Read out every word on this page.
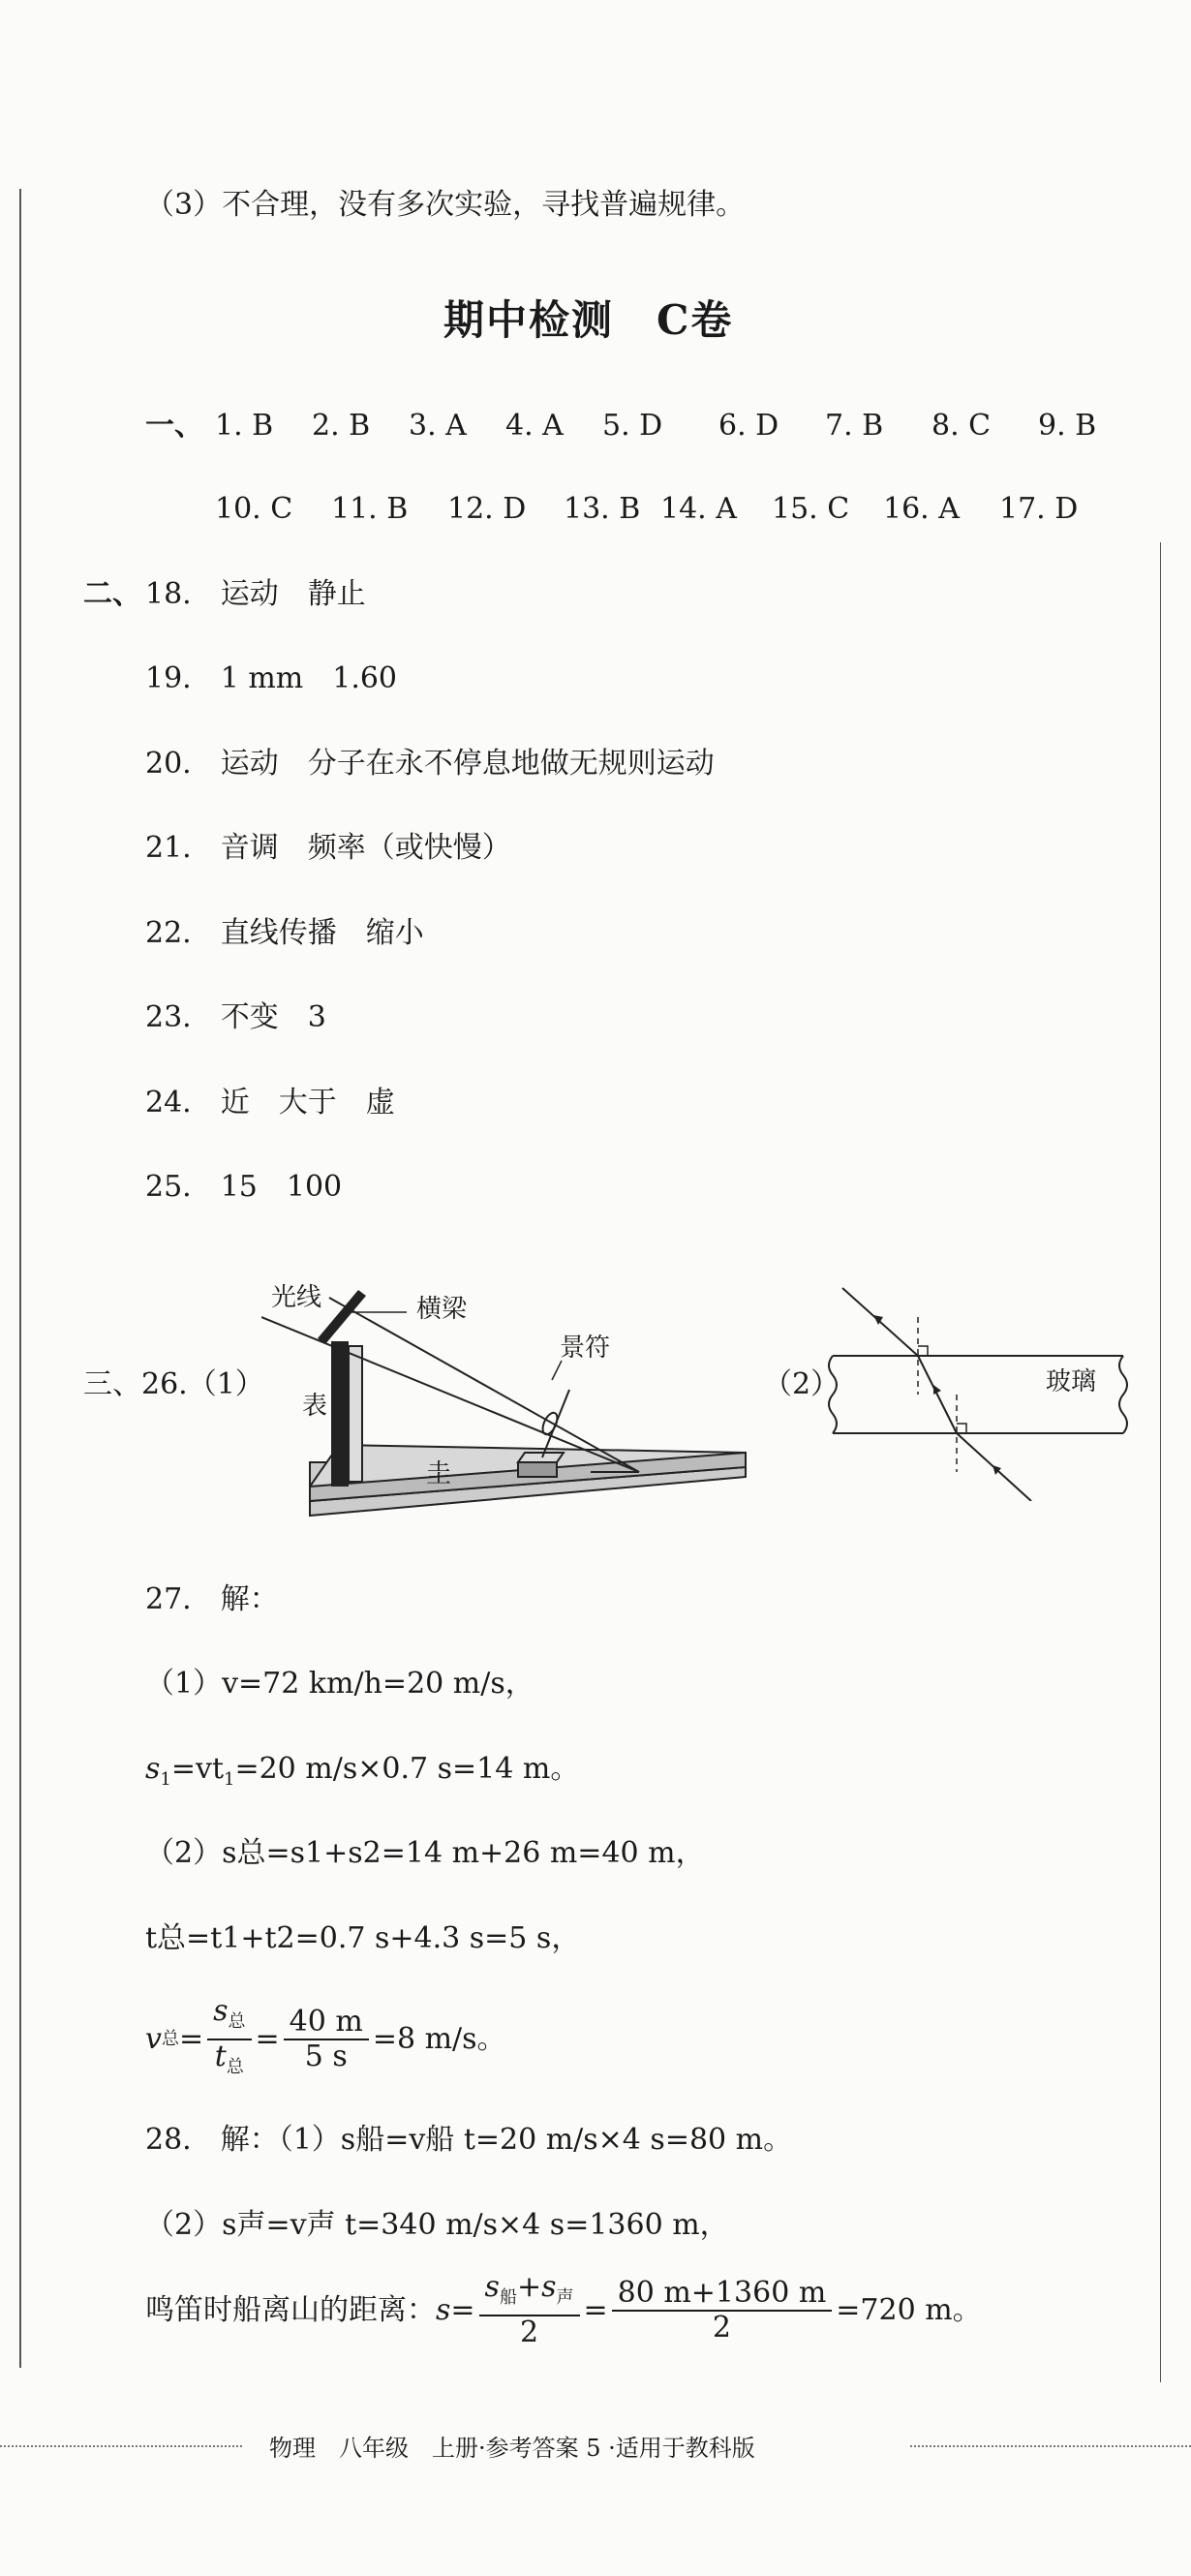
（3）不合理，没有多次实验，寻找普遍规律。
期中检测　C卷
一、 1. B 2. B 3. A 4. A 5. D 6. D 7. B 8. C 9. B
10. C 11. B 12. D 13. B 14. A 15. C 16. A 17. D
二、 18.　运动　静止
19.　1 mm　1.60
20.　运动　分子在永不停息地做无规则运动
21.　音调　频率（或快慢）
22.　直线传播　缩小
23.　不变　3
24.　近　大于　虚
25.　15　100
三、26.（1）
光线	横梁
景符
表
圭
（2）	玻璃
27.　解：
（1）v=72 km/h=20 m/s，
$s_1=vt_1=20$ m/s×0.7 s=14 m。
（2）s总=s1+s2=14 m+26 m=40 m，
t总=t1+t2=0.7 s+4.3 s=5 s，
v 总 = $\frac{s_总}{t_总} = \frac{40 m}{5 s} =8$ m/s。
28.　解：（1）s船=v船 t=20 m/s×4 s=80 m。
（2）s声=v声 t=340 m/s×4 s=1360 m，
鸣笛时船离山的距离： $s = \frac{s_船+s_声}{2} = \frac{80 m+1360 m}{2} =720$ m。
物理　八年级　上册·参考答案 5 ·适用于教科版
